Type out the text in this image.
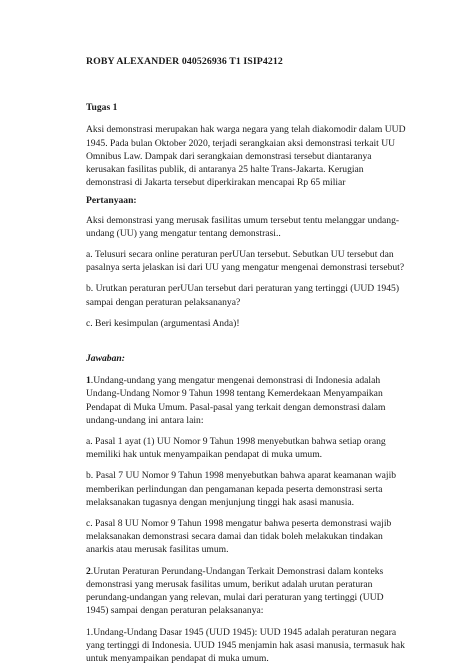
ROBY ALEXANDER 040526936 T1 ISIP4212
Tugas 1

Aksi demonstrasi merupakan hak warga negara yang telah diakomodir dalam UUD 1945. Pada bulan Oktober 2020, terjadi serangkaian aksi demonstrasi terkait UU Omnibus Law. Dampak dari serangkaian demonstrasi tersebut diantaranya kerusakan fasilitas publik, di antaranya 25 halte Trans-Jakarta. Kerugian demonstrasi di Jakarta tersebut diperkirakan mencapai Rp 65 miliar

Pertanyaan:

Aksi demonstrasi yang merusak fasilitas umum tersebut tentu melanggar undang-undang (UU) yang mengatur tentang demonstrasi..

a. Telusuri secara online peraturan perUUan tersebut. Sebutkan UU tersebut dan pasalnya serta jelaskan isi dari UU yang mengatur mengenai demonstrasi tersebut?

b. Urutkan peraturan perUUan tersebut dari peraturan yang tertinggi (UUD 1945) sampai dengan peraturan pelaksananya?

c. Beri kesimpulan (argumentasi Anda)!

Jawaban:

1.Undang-undang yang mengatur mengenai demonstrasi di Indonesia adalah Undang-Undang Nomor 9 Tahun 1998 tentang Kemerdekaan Menyampaikan Pendapat di Muka Umum. Pasal-pasal yang terkait dengan demonstrasi dalam undang-undang ini antara lain:

a. Pasal 1 ayat (1) UU Nomor 9 Tahun 1998 menyebutkan bahwa setiap orang memiliki hak untuk menyampaikan pendapat di muka umum.

b. Pasal 7 UU Nomor 9 Tahun 1998 menyebutkan bahwa aparat keamanan wajib memberikan perlindungan dan pengamanan kepada peserta demonstrasi serta melaksanakan tugasnya dengan menjunjung tinggi hak asasi manusia.

c. Pasal 8 UU Nomor 9 Tahun 1998 mengatur bahwa peserta demonstrasi wajib melaksanakan demonstrasi secara damai dan tidak boleh melakukan tindakan anarkis atau merusak fasilitas umum.

2.Urutan Peraturan Perundang-Undangan Terkait Demonstrasi dalam konteks demonstrasi yang merusak fasilitas umum, berikut adalah urutan peraturan perundang-undangan yang relevan, mulai dari peraturan yang tertinggi (UUD 1945) sampai dengan peraturan pelaksananya:

1.Undang-Undang Dasar 1945 (UUD 1945): UUD 1945 adalah peraturan negara yang tertinggi di Indonesia. UUD 1945 menjamin hak asasi manusia, termasuk hak untuk menyampaikan pendapat di muka umum.
